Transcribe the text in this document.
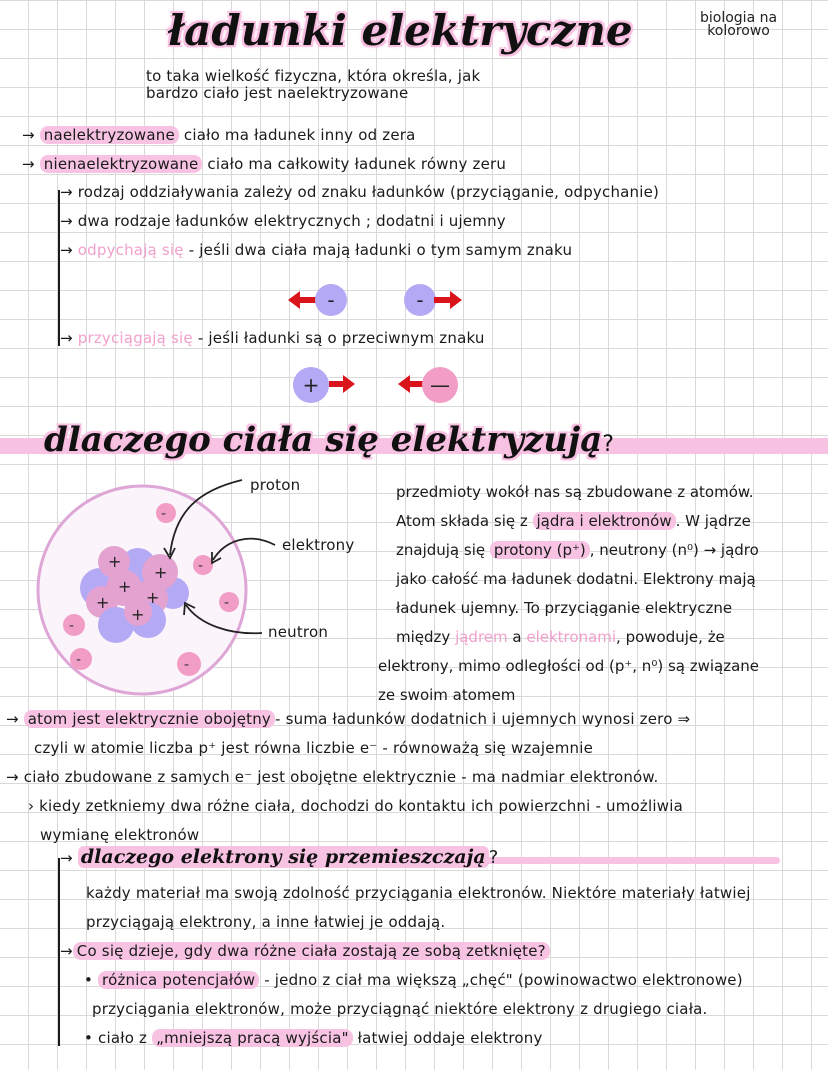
ładunki elektryczne	biologia na
kolorowo
to taka wielkość fizyczna, która określa, jak
bardzo ciało jest naelektryzowane
→ naelektryzowane ciało ma ładunek inny od zera
→ nienaelektryzowane ciało ma całkowity ładunek równy zeru
→ rodzaj oddziaływania zależy od znaku ładunków (przyciąganie, odpychanie)
→ dwa rodzaje ładunków elektrycznych ; dodatni i ujemny
→ odpychają się - jeśli dwa ciała mają ładunki o tym samym znaku
-	-
→ przyciągają się - jeśli ładunki są o przeciwnym znaku
+	—
dlaczego ciała się elektryzują?
+
+
+
+ +
+
-
-
-
-
-	-
proton
elektrony
neutron
przedmioty wokół nas są zbudowane z atomów.
Atom składa się z jądra i elektronów . W jądrze
znajdują się protony (p⁺) , neutrony (n⁰) → jądro
jako całość ma ładunek dodatni. Elektrony mają
ładunek ujemny. To przyciąganie elektryczne
między jądrem a elektronami, powoduje, że
elektrony, mimo odległości od (p⁺, n⁰) są związane
ze swoim atomem
→ atom jest elektrycznie obojętny - suma ładunków dodatnich i ujemnych wynosi zero ⇒
czyli w atomie liczba p⁺ jest równa liczbie e⁻ - równoważą się wzajemnie
→ ciało zbudowane z samych e⁻ jest obojętne elektrycznie - ma nadmiar elektronów.
› kiedy zetkniemy dwa różne ciała, dochodzi do kontaktu ich powierzchni - umożliwia
wymianę elektronów
→ dlaczego elektrony się przemieszczają ?
każdy materiał ma swoją zdolność przyciągania elektronów. Niektóre materiały łatwiej
przyciągają elektrony, a inne łatwiej je oddają.
→ Co się dzieje, gdy dwa różne ciała zostają ze sobą zetknięte?
• różnica potencjałów - jedno z ciał ma większą „chęć" (powinowactwo elektronowe)
przyciągania elektronów, może przyciągnąć niektóre elektrony z drugiego ciała.
• ciało z „mniejszą pracą wyjścia" łatwiej oddaje elektrony
